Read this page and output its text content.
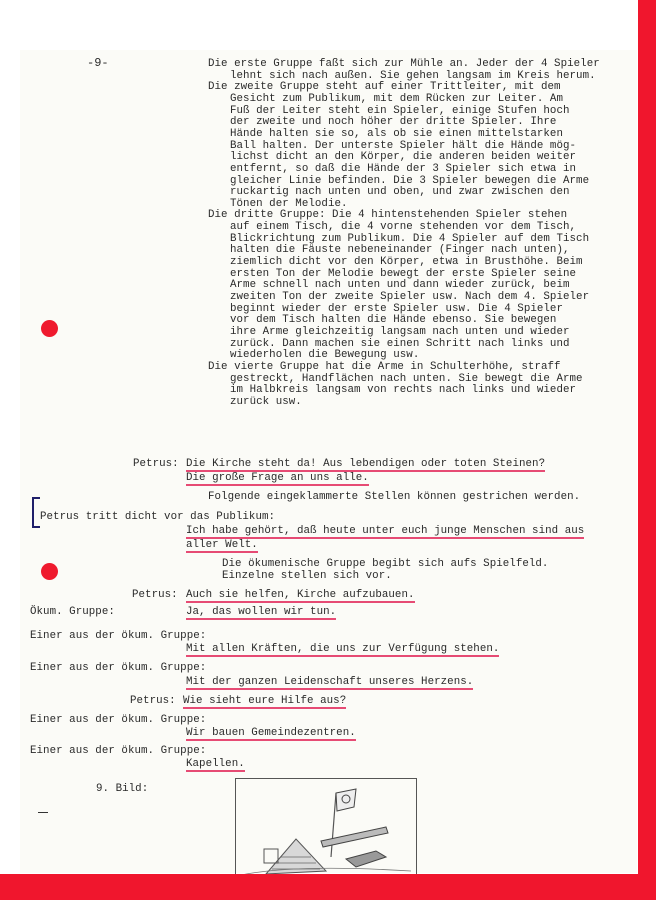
-9-	Die erste Gruppe faßt sich zur Mühle an. Jeder der 4 Spieler
lehnt sich nach außen. Sie gehen langsam im Kreis herum.
Die zweite Gruppe steht auf einer Trittleiter, mit dem
Gesicht zum Publikum, mit dem Rücken zur Leiter. Am
Fuß der Leiter steht ein Spieler, einige Stufen hoch
der zweite und noch höher der dritte Spieler. Ihre
Hände halten sie so, als ob sie einen mittelstarken
Ball halten. Der unterste Spieler hält die Hände mög-
lichst dicht an den Körper, die anderen beiden weiter
entfernt, so daß die Hände der 3 Spieler sich etwa in
gleicher Linie befinden. Die 3 Spieler bewegen die Arme
ruckartig nach unten und oben, und zwar zwischen den
Tönen der Melodie.
Die dritte Gruppe: Die 4 hintenstehenden Spieler stehen
auf einem Tisch, die 4 vorne stehenden vor dem Tisch,
Blickrichtung zum Publikum. Die 4 Spieler auf dem Tisch
halten die Fäuste nebeneinander (Finger nach unten),
ziemlich dicht vor den Körper, etwa in Brusthöhe. Beim
ersten Ton der Melodie bewegt der erste Spieler seine
Arme schnell nach unten und dann wieder zurück, beim
zweiten Ton der zweite Spieler usw. Nach dem 4. Spieler
beginnt wieder der erste Spieler usw. Die 4 Spieler
vor dem Tisch halten die Hände ebenso. Sie bewegen
ihre Arme gleichzeitig langsam nach unten und wieder
zurück. Dann machen sie einen Schritt nach links und
wiederholen die Bewegung usw.
Die vierte Gruppe hat die Arme in Schulterhöhe, straff
gestreckt, Handflächen nach unten. Sie bewegt die Arme
im Halbkreis langsam von rechts nach links und wieder
zurück usw.
Petrus: Die Kirche steht da! Aus lebendigen oder toten Steinen?
Die große Frage an uns alle.
Folgende eingeklammerte Stellen können gestrichen werden.
Petrus tritt dicht vor das Publikum:
Ich habe gehört, daß heute unter euch junge Menschen sind aus
aller Welt.
Die ökumenische Gruppe begibt sich aufs Spielfeld.
Einzelne stellen sich vor.
Petrus: Auch sie helfen, Kirche aufzubauen.
Ökum. Gruppe:	Ja, das wollen wir tun.
Einer aus der ökum. Gruppe:
Mit allen Kräften, die uns zur Verfügung stehen.
Einer aus der ökum. Gruppe:
Mit der ganzen Leidenschaft unseres Herzens.
Petrus: Wie sieht eure Hilfe aus?
Einer aus der ökum. Gruppe:
Wir bauen Gemeindezentren.
Einer aus der ökum. Gruppe:
Kapellen.
9. Bild:
